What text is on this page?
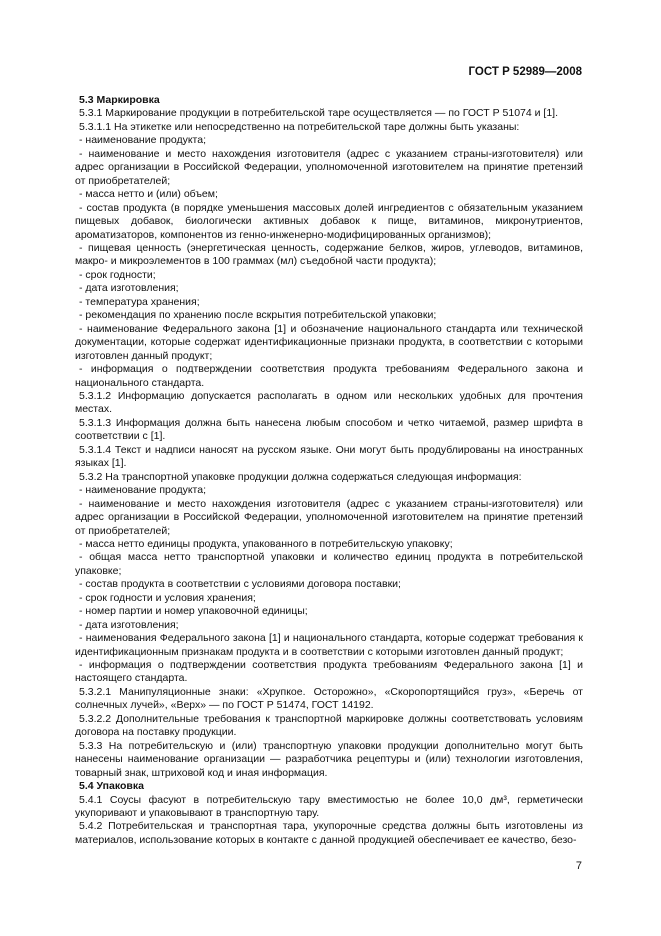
ГОСТ Р 52989—2008

5.3 Маркировка

5.3.1 Маркирование продукции в потребительской таре осуществляется — по ГОСТ Р 51074 и [1].

5.3.1.1 На этикетке или непосредственно на потребительской таре должны быть указаны:

- наименование продукта;

- наименование и место нахождения изготовителя (адрес с указанием страны-изготовителя) или адрес организации в Российской Федерации, уполномоченной изготовителем на принятие претензий от приобретателей;

- масса нетто и (или) объем;

- состав продукта (в порядке уменьшения массовых долей ингредиентов с обязательным указанием пищевых добавок, биологически активных добавок к пище, витаминов, микронутриентов, ароматизаторов, компонентов из генно-инженерно-модифицированных организмов);

- пищевая ценность (энергетическая ценность, содержание белков, жиров, углеводов, витаминов, макро- и микроэлементов в 100 граммах (мл) съедобной части продукта);

- срок годности;

- дата изготовления;

- температура хранения;

- рекомендация по хранению после вскрытия потребительской упаковки;

- наименование Федерального закона [1] и обозначение национального стандарта или технической документации, которые содержат идентификационные признаки продукта, в соответствии с которыми изготовлен данный продукт;

- информация о подтверждении соответствия продукта требованиям Федерального закона и национального стандарта.

5.3.1.2 Информацию допускается располагать в одном или нескольких удобных для прочтения местах.

5.3.1.3 Информация должна быть нанесена любым способом и четко читаемой, размер шрифта в соответствии с [1].

5.3.1.4 Текст и надписи наносят на русском языке. Они могут быть продублированы на иностранных языках [1].

5.3.2 На транспортной упаковке продукции должна содержаться следующая информация:

- наименование продукта;

- наименование и место нахождения изготовителя (адрес с указанием страны-изготовителя) или адрес организации в Российской Федерации, уполномоченной изготовителем на принятие претензий от приобретателей;

- масса нетто единицы продукта, упакованного в потребительскую упаковку;

- общая масса нетто транспортной упаковки и количество единиц продукта в потребительской упаковке;

- состав продукта в соответствии с условиями договора поставки;

- срок годности и условия хранения;

- номер партии и номер упаковочной единицы;

- дата изготовления;

- наименования Федерального закона [1] и национального стандарта, которые содержат требования к идентификационным признакам продукта и в соответствии с которыми изготовлен данный продукт;

- информация о подтверждении соответствия продукта требованиям Федерального закона [1] и настоящего стандарта.

5.3.2.1 Манипуляционные знаки: «Хрупкое. Осторожно», «Скоропортящийся груз», «Беречь от солнечных лучей», «Верх» — по ГОСТ Р 51474, ГОСТ 14192.

5.3.2.2 Дополнительные требования к транспортной маркировке должны соответствовать условиям договора на поставку продукции.

5.3.3 На потребительскую и (или) транспортную упаковки продукции дополнительно могут быть нанесены наименование организации — разработчика рецептуры и (или) технологии изготовления, товарный знак, штриховой код и иная информация.

5.4 Упаковка

5.4.1 Соусы фасуют в потребительскую тару вместимостью не более 10,0 дм³, герметически укупоривают и упаковывают в транспортную тару.

5.4.2 Потребительская и транспортная тара, укупорочные средства должны быть изготовлены из материалов, использование которых в контакте с данной продукцией обеспечивает ее качество, безо-

7
